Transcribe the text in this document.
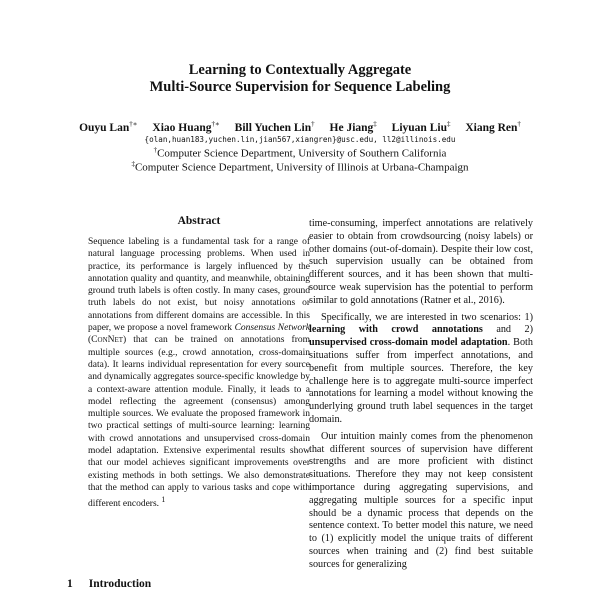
Learning to Contextually Aggregate
Multi-Source Supervision for Sequence Labeling
Ouyu Lan†∗ Xiao Huang†∗ Bill Yuchen Lin† He Jiang‡ Liyuan Liu‡ Xiang Ren†
{olan,huan183,yuchen.lin,jian567,xiangren}@usc.edu, ll2@illinois.edu
†Computer Science Department, University of Southern California
‡Computer Science Department, University of Illinois at Urbana-Champaign
Abstract

Sequence labeling is a fundamental task for a range of natural language processing problems. When used in practice, its performance is largely influenced by the annotation quality and quantity, and meanwhile, obtaining ground truth labels is often costly. In many cases, ground truth labels do not exist, but noisy annotations or annotations from different domains are accessible. In this paper, we propose a novel framework Consensus Network (ConNet) that can be trained on annotations from multiple sources (e.g., crowd annotation, cross-domain data). It learns individual representation for every source and dynamically aggregates source-specific knowledge by a context-aware attention module. Finally, it leads to a model reflecting the agreement (consensus) among multiple sources. We evaluate the proposed framework in two practical settings of multi-source learning: learning with crowd annotations and unsupervised cross-domain model adaptation. Extensive experimental results show that our model achieves significant improvements over existing methods in both settings. We also demonstrate that the method can apply to various tasks and cope with different encoders. $^1$

1 Introduction

time-consuming, imperfect annotations are relatively easier to obtain from crowdsourcing (noisy labels) or other domains (out-of-domain). Despite their low cost, such supervision usually can be obtained from different sources, and it has been shown that multi-source weak supervision has the potential to perform similar to gold annotations (Ratner et al., 2016).

Specifically, we are interested in two scenarios: 1) learning with crowd annotations and 2) unsupervised cross-domain model adaptation. Both situations suffer from imperfect annotations, and benefit from multiple sources. Therefore, the key challenge here is to aggregate multi-source imperfect annotations for learning a model without knowing the underlying ground truth label sequences in the target domain.

Our intuition mainly comes from the phenomenon that different sources of supervision have different strengths and are more proficient with distinct situations. Therefore they may not keep consistent importance during aggregating supervisions, and aggregating multiple sources for a specific input should be a dynamic process that depends on the sentence context. To better model this nature, we need to (1) explicitly model the unique traits of different sources when training and (2) find best suitable sources for generalizing
